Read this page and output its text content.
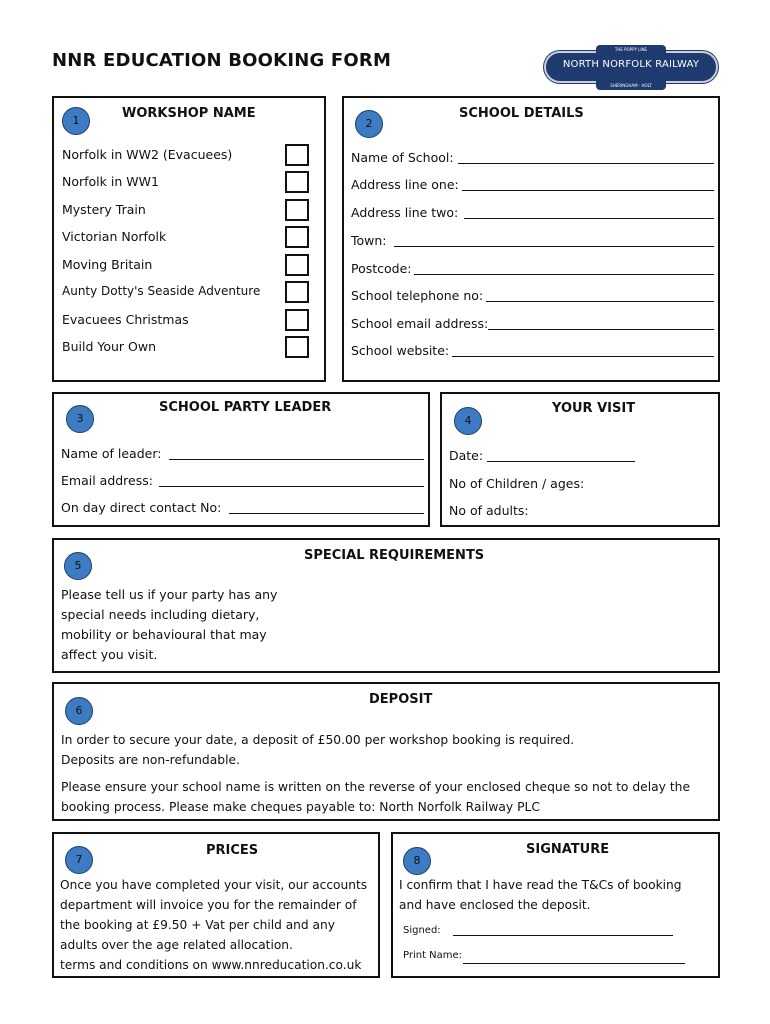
NNR EDUCATION BOOKING FORM
THE POPPY LINE
NORTH NORFOLK RAILWAY
SHERINGHAM - HOLT
1	WORKSHOP NAME
Norfolk in WW2 (Evacuees)
Norfolk in WW1
Mystery Train
Victorian Norfolk
Moving Britain
Aunty Dotty's Seaside Adventure
Evacuees Christmas
Build Your Own
2
SCHOOL DETAILS
Name of School:
Address line one:
Address line two:
Town:
Postcode:
School telephone no:
School email address:
School website:
3
SCHOOL PARTY LEADER
Name of leader:
Email address:
On day direct contact No:
4
YOUR VISIT
Date:
No of Children / ages:
No of adults:
5
SPECIAL REQUIREMENTS
Please tell us if your party has any
special needs including dietary,
mobility or behavioural that may
affect you visit.
6
DEPOSIT
In order to secure your date, a deposit of £50.00 per workshop booking is required.
Deposits are non-refundable.
Please ensure your school name is written on the reverse of your enclosed cheque so not to delay the
booking process. Please make cheques payable to: North Norfolk Railway PLC
7
PRICES
Once you have completed your visit, our accounts
department will invoice you for the remainder of
the booking at £9.50 + Vat per child and any
adults over the age related allocation.
terms and conditions on www.nnreducation.co.uk
8
SIGNATURE
I confirm that I have read the T&Cs of booking
and have enclosed the deposit.
Signed:
Print Name:
